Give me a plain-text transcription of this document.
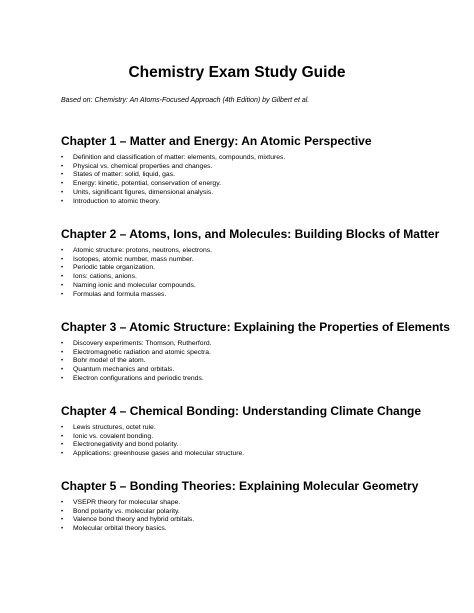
Chemistry Exam Study Guide

Based on: Chemistry: An Atoms-Focused Approach (4th Edition) by Gilbert et al.

Chapter 1 – Matter and Energy: An Atomic Perspective
• Definition and classification of matter: elements, compounds, mixtures.
• Physical vs. chemical properties and changes.
• States of matter: solid, liquid, gas.
• Energy: kinetic, potential, conservation of energy.
• Units, significant figures, dimensional analysis.
• Introduction to atomic theory.
Chapter 2 – Atoms, Ions, and Molecules: Building Blocks of Matter
• Atomic structure: protons, neutrons, electrons.
• Isotopes, atomic number, mass number.
• Periodic table organization.
• Ions: cations, anions.
• Naming ionic and molecular compounds.
• Formulas and formula masses.
Chapter 3 – Atomic Structure: Explaining the Properties of Elements
• Discovery experiments: Thomson, Rutherford.
• Electromagnetic radiation and atomic spectra.
• Bohr model of the atom.
• Quantum mechanics and orbitals.
• Electron configurations and periodic trends.
Chapter 4 – Chemical Bonding: Understanding Climate Change
• Lewis structures, octet rule.
• Ionic vs. covalent bonding.
• Electronegativity and bond polarity.
• Applications: greenhouse gases and molecular structure.
Chapter 5 – Bonding Theories: Explaining Molecular Geometry
• VSEPR theory for molecular shape.
• Bond polarity vs. molecular polarity.
• Valence bond theory and hybrid orbitals.
• Molecular orbital theory basics.
